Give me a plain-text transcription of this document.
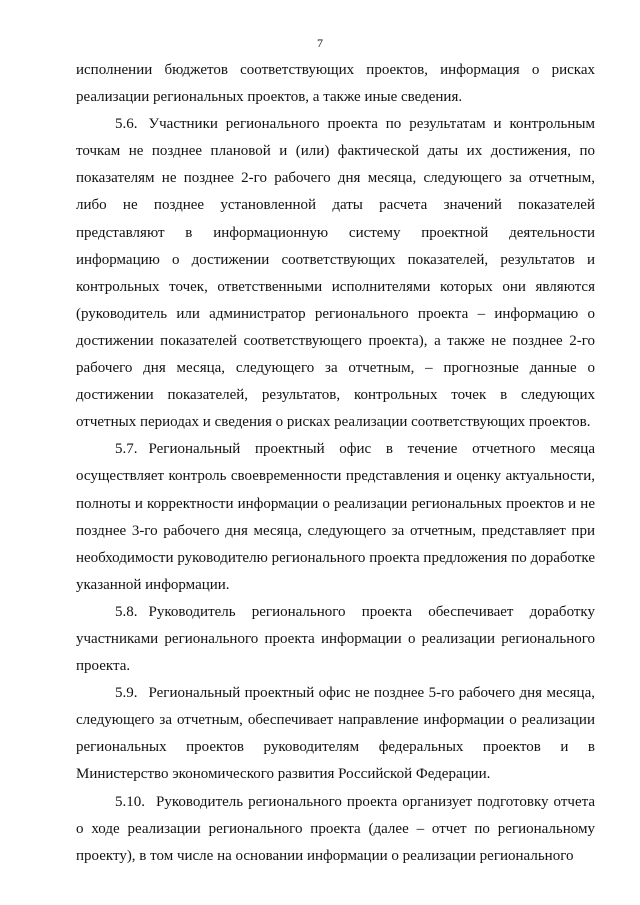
7

исполнении бюджетов соответствующих проектов, информация о рисках реализации региональных проектов, а также иные сведения.

5.6. Участники регионального проекта по результатам и контрольным точкам не позднее плановой и (или) фактической даты их достижения, по показателям не позднее 2-го рабочего дня месяца, следующего за отчетным, либо не позднее установленной даты расчета значений показателей представляют в информационную систему проектной деятельности информацию о достижении соответствующих показателей, результатов и контрольных точек, ответственными исполнителями которых они являются (руководитель или администратор регионального проекта – информацию о достижении показателей соответствующего проекта), а также не позднее 2-го рабочего дня месяца, следующего за отчетным, – прогнозные данные о достижении показателей, результатов, контрольных точек в следующих отчетных периодах и сведения о рисках реализации соответствующих проектов.

5.7. Региональный проектный офис в течение отчетного месяца осуществляет контроль своевременности представления и оценку актуальности, полноты и корректности информации о реализации региональных проектов и не позднее 3-го рабочего дня месяца, следующего за отчетным, представляет при необходимости руководителю регионального проекта предложения по доработке указанной информации.

5.8. Руководитель регионального проекта обеспечивает доработку участниками регионального проекта информации о реализации регионального проекта.

5.9. Региональный проектный офис не позднее 5-го рабочего дня месяца, следующего за отчетным, обеспечивает направление информации о реализации региональных проектов руководителям федеральных проектов и в Министерство экономического развития Российской Федерации.

5.10. Руководитель регионального проекта организует подготовку отчета о ходе реализации регионального проекта (далее – отчет по региональному проекту), в том числе на основании информации о реализации регионального
